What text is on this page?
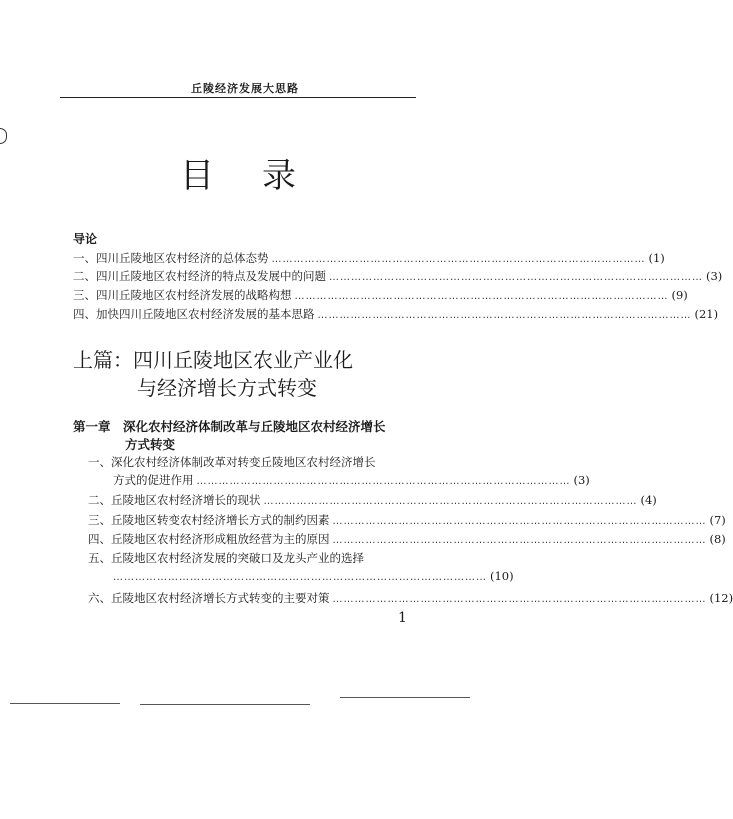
丘陵经济发展大思路
目录
导论
一、四川丘陵地区农村经济的总体态势 ………………………………………………………………………………………… (1)
二、四川丘陵地区农村经济的特点及发展中的问题 ………………………………………………………………………………………… (3)
三、四川丘陵地区农村经济发展的战略构想 ………………………………………………………………………………………… (9)
四、加快四川丘陵地区农村经济发展的基本思路 ………………………………………………………………………………………… (21)
上篇：四川丘陵地区农业产业化
与经济增长方式转变
第一章　深化农村经济体制改革与丘陵地区农村经济增长
方式转变
一、深化农村经济体制改革对转变丘陵地区农村经济增长
方式的促进作用 ………………………………………………………………………………………… (3)
二、丘陵地区农村经济增长的现状 ………………………………………………………………………………………… (4)
三、丘陵地区转变农村经济增长方式的制约因素 ………………………………………………………………………………………… (7)
四、丘陵地区农村经济形成粗放经营为主的原因 ………………………………………………………………………………………… (8)
五、丘陵地区农村经济发展的突破口及龙头产业的选择
………………………………………………………………………………………… (10)
六、丘陵地区农村经济增长方式转变的主要对策 ………………………………………………………………………………………… (12)
1
